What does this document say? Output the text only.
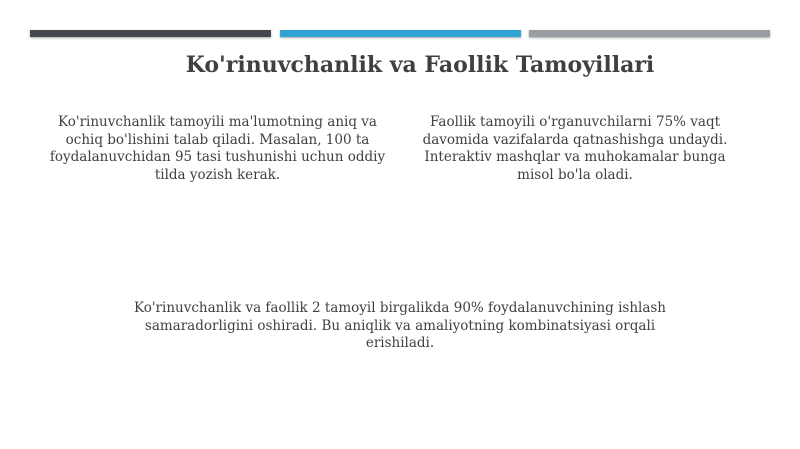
Ko'rinuvchanlik va Faollik Tamoyillari
Ko'rinuvchanlik tamoyili ma'lumotning aniq va ochiq bo'lishini talab qiladi. Masalan, 100 ta foydalanuvchidan 95 tasi tushunishi uchun oddiy tilda yozish kerak.
Faollik tamoyili o'rganuvchilarni 75% vaqt davomida vazifalarda qatnashishga undaydi. Interaktiv mashqlar va muhokamalar bunga misol bo'la oladi.
Ko'rinuvchanlik va faollik 2 tamoyil birgalikda 90% foydalanuvchining ishlash samaradorligini oshiradi. Bu aniqlik va amaliyotning kombinatsiyasi orqali erishiladi.
